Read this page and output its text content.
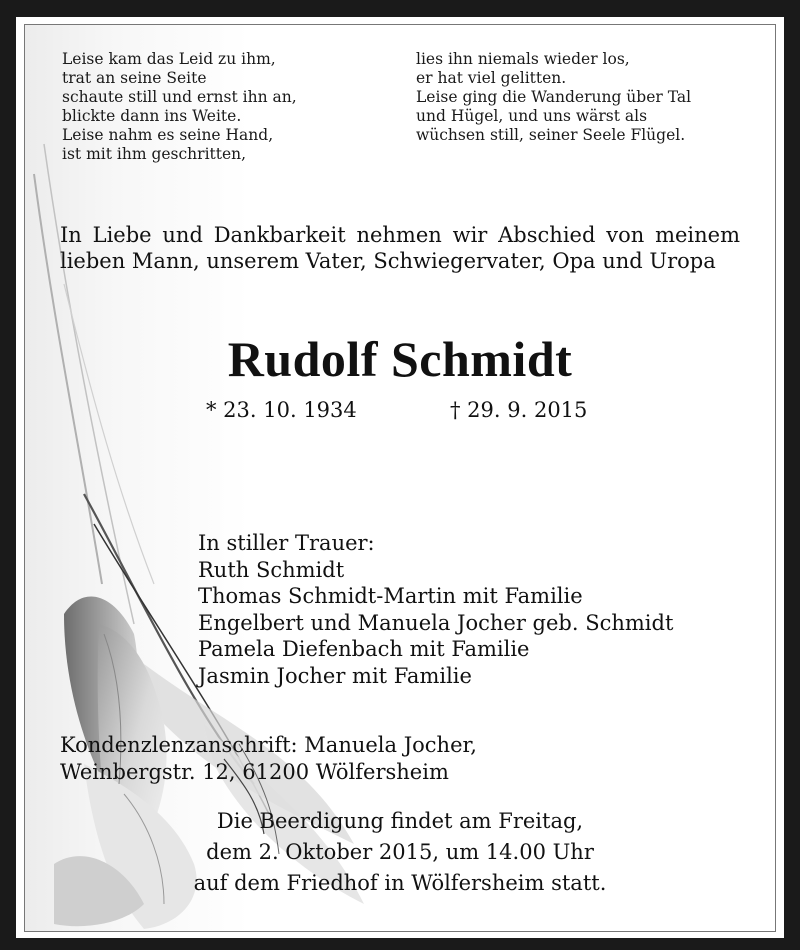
Leise kam das Leid zu ihm,
trat an seine Seite
schaute still und ernst ihn an,
blickte dann ins Weite.
Leise nahm es seine Hand,
ist mit ihm geschritten,
lies ihn niemals wieder los,
er hat viel gelitten.
Leise ging die Wanderung über Tal
und Hügel, und uns wärst als
wüchsen still, seiner Seele Flügel.
In Liebe und Dankbarkeit nehmen wir Abschied von meinem lieben Mann, unserem Vater, Schwiegervater, Opa und Uropa
Rudolf Schmidt
* 23. 10. 1934	† 29. 9. 2015
In stiller Trauer:
Ruth Schmidt
Thomas Schmidt-Martin mit Familie
Engelbert und Manuela Jocher geb. Schmidt
Pamela Diefenbach mit Familie
Jasmin Jocher mit Familie
Kondenzlenzanschrift: Manuela Jocher,
Weinbergstr. 12, 61200 Wölfersheim
Die Beerdigung findet am Freitag,
dem 2. Oktober 2015, um 14.00 Uhr
auf dem Friedhof in Wölfersheim statt.
